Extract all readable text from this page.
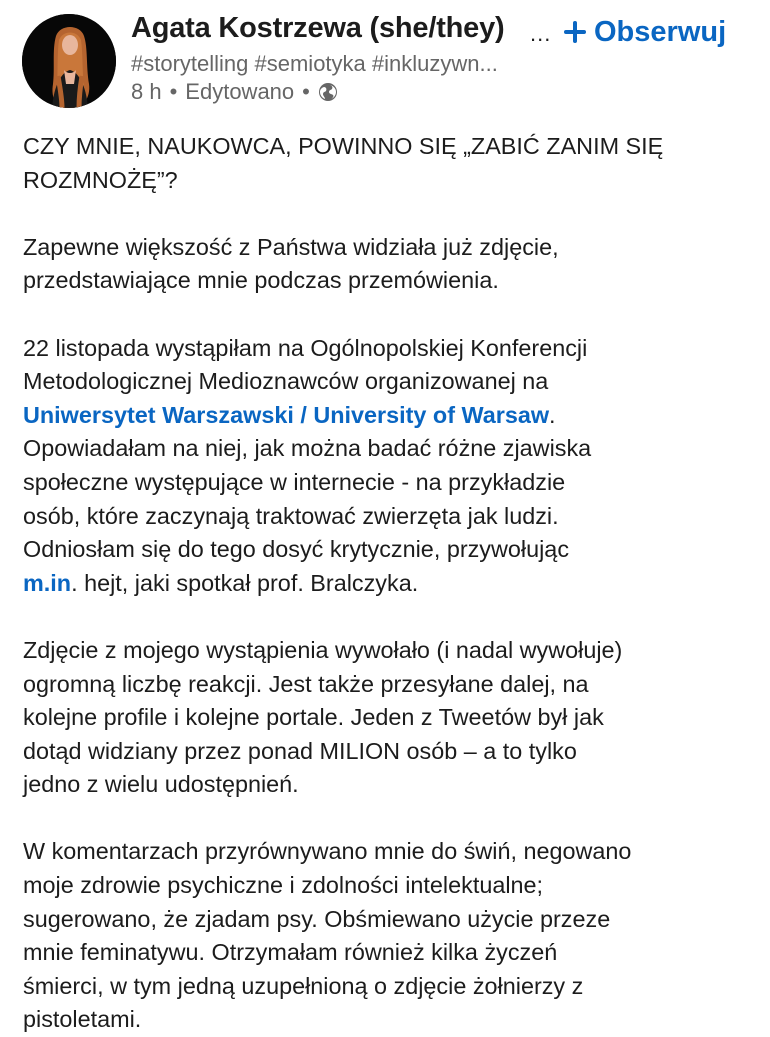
Agata Kostrzewa (she/they) ... Obserwuj
#storytelling #semiotyka #inkluzywn...
8 h • Edytowano •

CZY MNIE, NAUKOWCA, POWINNO SIĘ „ZABIĆ ZANIM SIĘ
ROZMNOŻĘ”?

Zapewne większość z Państwa widziała już zdjęcie,
przedstawiające mnie podczas przemówienia.

22 listopada wystąpiłam na Ogólnopolskiej Konferencji
Metodologicznej Medioznawców organizowanej na
Uniwersytet Warszawski / University of Warsaw.
Opowiadałam na niej, jak można badać różne zjawiska
społeczne występujące w internecie - na przykładzie
osób, które zaczynają traktować zwierzęta jak ludzi.
Odniosłam się do tego dosyć krytycznie, przywołując
m.in. hejt, jaki spotkał prof. Bralczyka.

Zdjęcie z mojego wystąpienia wywołało (i nadal wywołuje)
ogromną liczbę reakcji. Jest także przesyłane dalej, na
kolejne profile i kolejne portale. Jeden z Tweetów był jak
dotąd widziany przez ponad MILION osób – a to tylko
jedno z wielu udostępnień.

W komentarzach przyrównywano mnie do świń, negowano
moje zdrowie psychiczne i zdolności intelektualne;
sugerowano, że zjadam psy. Obśmiewano użycie przeze
mnie feminatywu. Otrzymałam również kilka życzeń
śmierci, w tym jedną uzupełnioną o zdjęcie żołnierzy z
pistoletami.
